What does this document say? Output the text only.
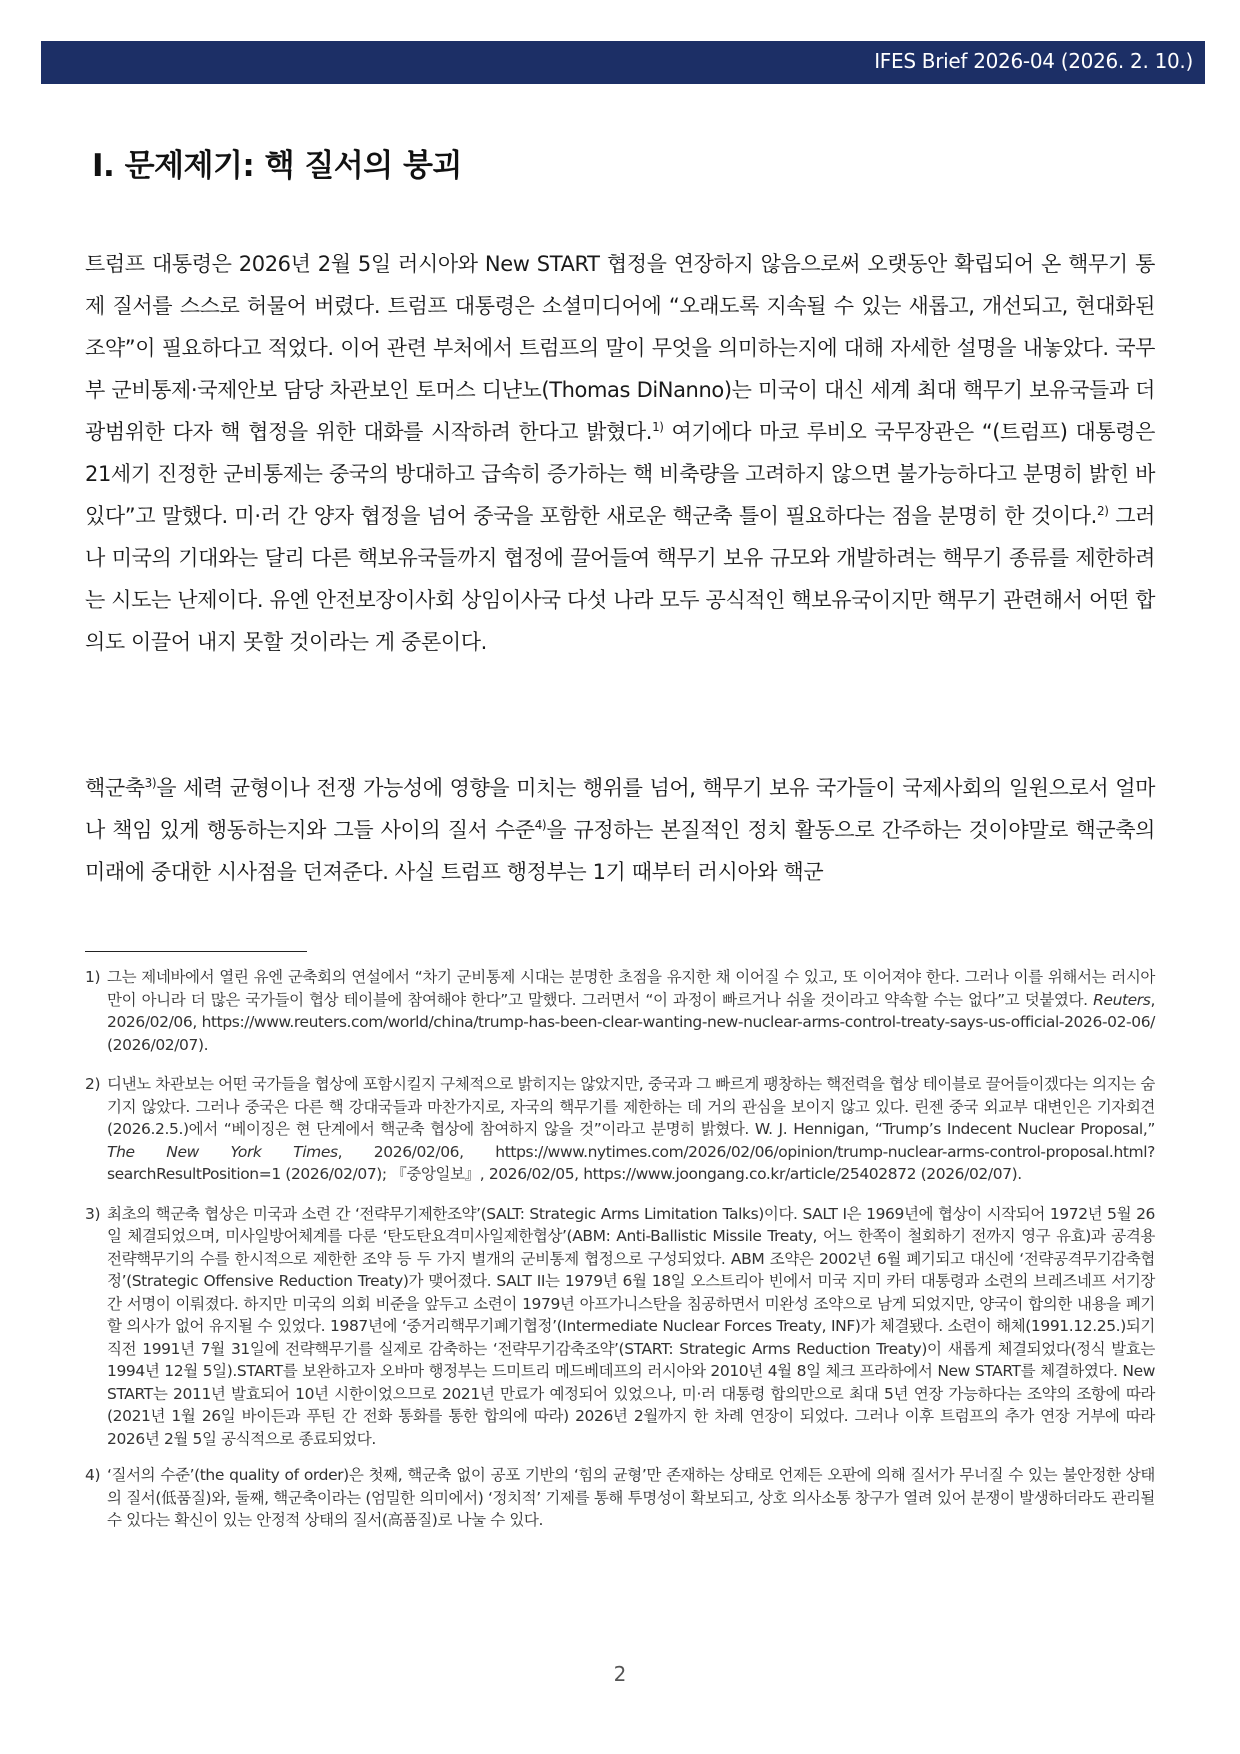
IFES Brief 2026-04 (2026. 2. 10.)
Ⅰ. 문제제기: 핵 질서의 붕괴

트럼프 대통령은 2026년 2월 5일 러시아와 New START 협정을 연장하지 않음으로써 오랫동안 확립되어 온 핵무기 통제 질서를 스스로 허물어 버렸다. 트럼프 대통령은 소셜미디어에 “오래도록 지속될 수 있는 새롭고, 개선되고, 현대화된 조약”이 필요하다고 적었다. 이어 관련 부처에서 트럼프의 말이 무엇을 의미하는지에 대해 자세한 설명을 내놓았다. 국무부 군비통제·국제안보 담당 차관보인 토머스 디냔노(Thomas DiNanno)는 미국이 대신 세계 최대 핵무기 보유국들과 더 광범위한 다자 핵 협정을 위한 대화를 시작하려 한다고 밝혔다.$^{1)}$ 여기에다 마코 루비오 국무장관은 “(트럼프) 대통령은 21세기 진정한 군비통제는 중국의 방대하고 급속히 증가하는 핵 비축량을 고려하지 않으면 불가능하다고 분명히 밝힌 바 있다”고 말했다. 미·러 간 양자 협정을 넘어 중국을 포함한 새로운 핵군축 틀이 필요하다는 점을 분명히 한 것이다.$^{2)}$ 그러나 미국의 기대와는 달리 다른 핵보유국들까지 협정에 끌어들여 핵무기 보유 규모와 개발하려는 핵무기 종류를 제한하려는 시도는 난제이다. 유엔 안전보장이사회 상임이사국 다섯 나라 모두 공식적인 핵보유국이지만 핵무기 관련해서 어떤 합의도 이끌어 내지 못할 것이라는 게 중론이다.

핵군축$^{3)}$을 세력 균형이나 전쟁 가능성에 영향을 미치는 행위를 넘어, 핵무기 보유 국가들이 국제사회의 일원으로서 얼마나 책임 있게 행동하는지와 그들 사이의 질서 수준$^{4)}$을 규정하는 본질적인 정치 활동으로 간주하는 것이야말로 핵군축의 미래에 중대한 시사점을 던져준다. 사실 트럼프 행정부는 1기 때부터 러시아와 핵군

1) 그는 제네바에서 열린 유엔 군축회의 연설에서 “차기 군비통제 시대는 분명한 초점을 유지한 채 이어질 수 있고, 또 이어져야 한다. 그러나 이를 위해서는 러시아만이 아니라 더 많은 국가들이 협상 테이블에 참여해야 한다”고 말했다. 그러면서 “이 과정이 빠르거나 쉬울 것이라고 약속할 수는 없다”고 덧붙였다. Reuters, 2026/02/06, https://www.reuters.com/world/china/trump-has-been-clear-wanting-new-nuclear-arms-control-treaty-says-us-official-2026-02-06/ (2026/02/07).

2) 디낸노 차관보는 어떤 국가들을 협상에 포함시킬지 구체적으로 밝히지는 않았지만, 중국과 그 빠르게 팽창하는 핵전력을 협상 테이블로 끌어들이겠다는 의지는 숨기지 않았다. 그러나 중국은 다른 핵 강대국들과 마찬가지로, 자국의 핵무기를 제한하는 데 거의 관심을 보이지 않고 있다. 린젠 중국 외교부 대변인은 기자회견(2026.2.5.)에서 “베이징은 현 단계에서 핵군축 협상에 참여하지 않을 것”이라고 분명히 밝혔다. W. J. Hennigan, “Trump’s Indecent Nuclear Proposal,” The New York Times, 2026/02/06, https://www.nytimes.com/2026/02/06/opinion/trump-nuclear-arms-control-proposal.html?searchResultPosition=1 (2026/02/07); 『중앙일보』, 2026/02/05, https://www.joongang.co.kr/article/25402872 (2026/02/07).

3) 최초의 핵군축 협상은 미국과 소련 간 ‘전략무기제한조약’(SALT: Strategic Arms Limitation Talks)이다. SALT I은 1969년에 협상이 시작되어 1972년 5월 26일 체결되었으며, 미사일방어체계를 다룬 ‘탄도탄요격미사일제한협상’(ABM: Anti-Ballistic Missile Treaty, 어느 한쪽이 철회하기 전까지 영구 유효)과 공격용 전략핵무기의 수를 한시적으로 제한한 조약 등 두 가지 별개의 군비통제 협정으로 구성되었다. ABM 조약은 2002년 6월 폐기되고 대신에 ‘전략공격무기감축협정’(Strategic Offensive Reduction Treaty)가 맺어졌다. SALT II는 1979년 6월 18일 오스트리아 빈에서 미국 지미 카터 대통령과 소련의 브레즈네프 서기장 간 서명이 이뤄졌다. 하지만 미국의 의회 비준을 앞두고 소련이 1979년 아프가니스탄을 침공하면서 미완성 조약으로 남게 되었지만, 양국이 합의한 내용을 폐기할 의사가 없어 유지될 수 있었다. 1987년에 ‘중거리핵무기폐기협정’(Intermediate Nuclear Forces Treaty, INF)가 체결됐다. 소련이 해체(1991.12.25.)되기 직전 1991년 7월 31일에 전략핵무기를 실제로 감축하는 ‘전략무기감축조약’(START: Strategic Arms Reduction Treaty)이 새롭게 체결되었다(정식 발효는 1994년 12월 5일).START를 보완하고자 오바마 행정부는 드미트리 메드베데프의 러시아와 2010년 4월 8일 체크 프라하에서 New START를 체결하였다. New START는 2011년 발효되어 10년 시한이었으므로 2021년 만료가 예정되어 있었으나, 미·러 대통령 합의만으로 최대 5년 연장 가능하다는 조약의 조항에 따라 (2021년 1월 26일 바이든과 푸틴 간 전화 통화를 통한 합의에 따라) 2026년 2월까지 한 차례 연장이 되었다. 그러나 이후 트럼프의 추가 연장 거부에 따라 2026년 2월 5일 공식적으로 종료되었다.

4) ‘질서의 수준’(the quality of order)은 첫째, 핵군축 없이 공포 기반의 ‘힘의 균형’만 존재하는 상태로 언제든 오판에 의해 질서가 무너질 수 있는 불안정한 상태의 질서(低품질)와, 둘째, 핵군축이라는 (엄밀한 의미에서) ‘정치적’ 기제를 통해 투명성이 확보되고, 상호 의사소통 창구가 열려 있어 분쟁이 발생하더라도 관리될 수 있다는 확신이 있는 안정적 상태의 질서(高품질)로 나눌 수 있다.

2
